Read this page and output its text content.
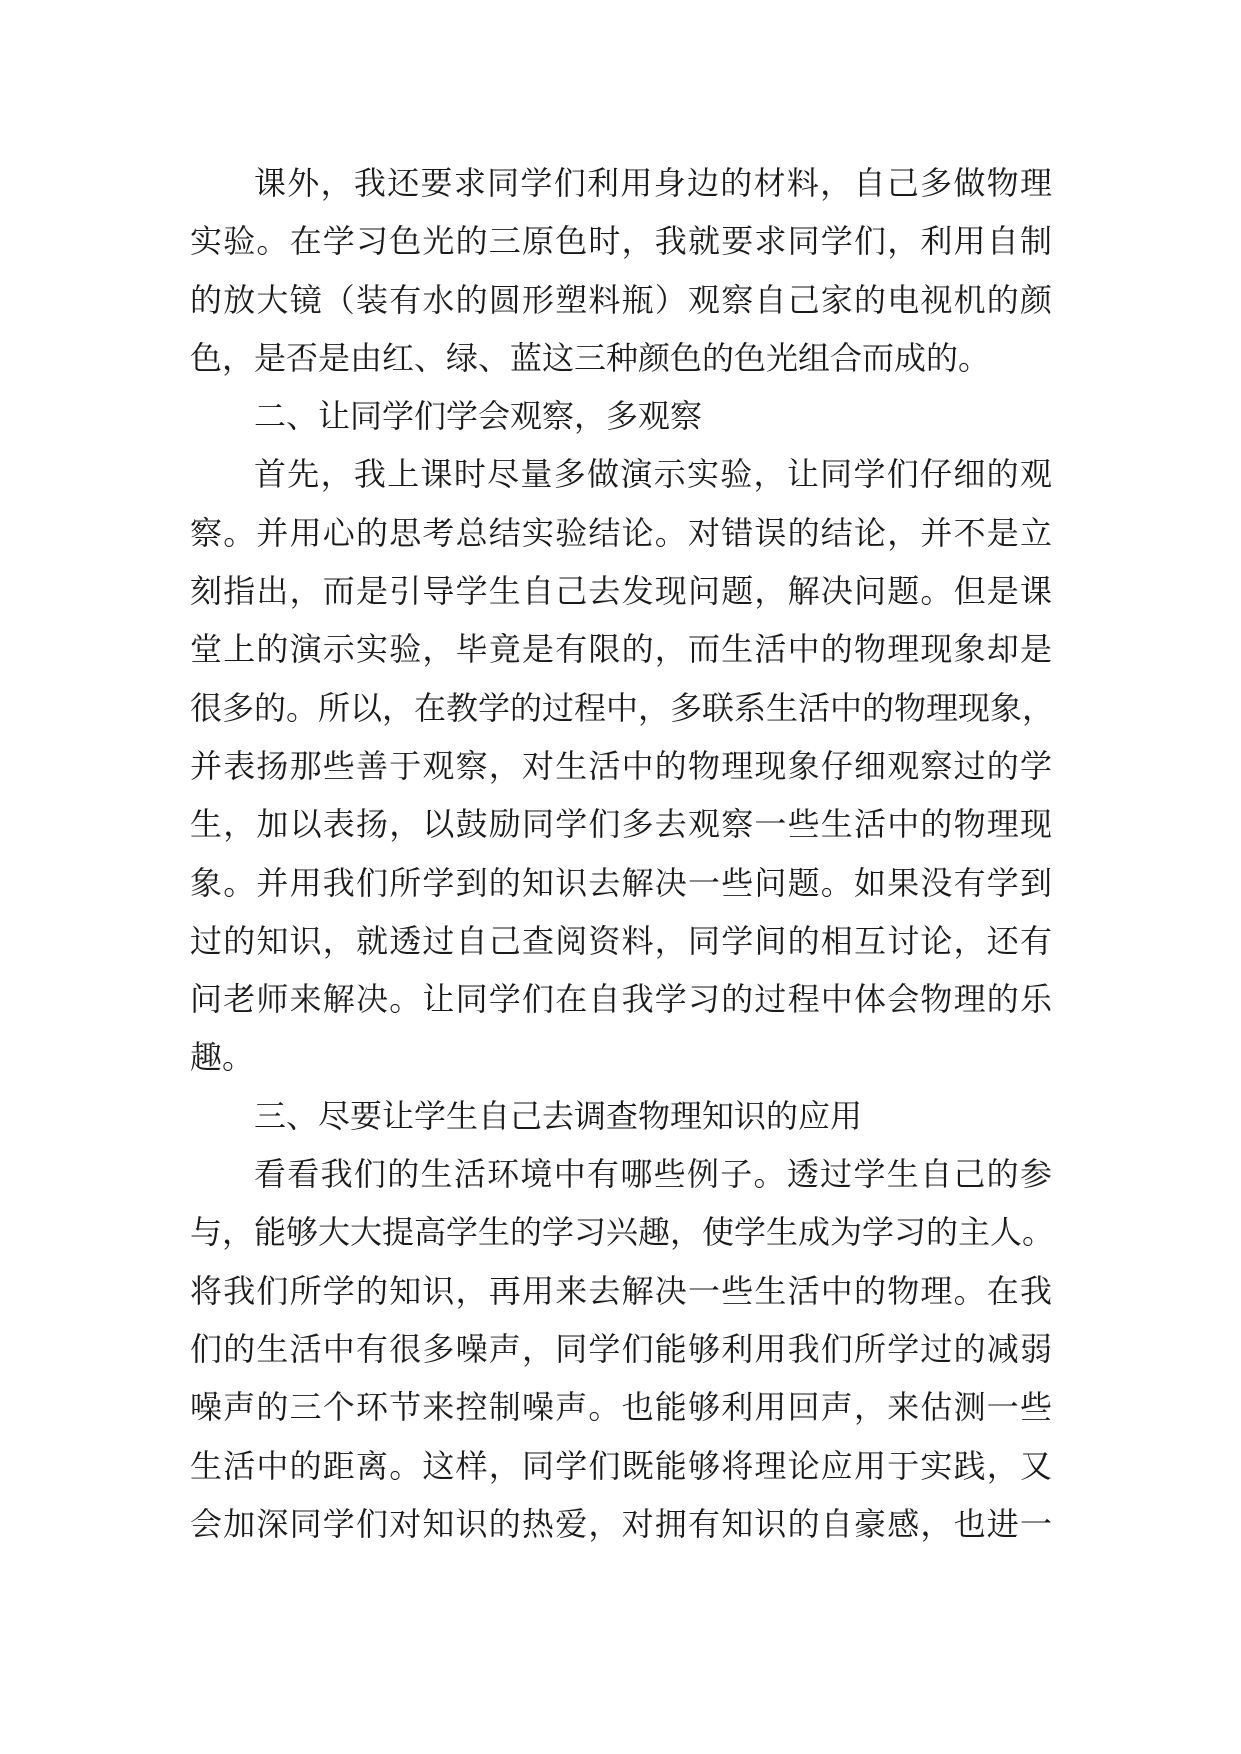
课外，我还要求同学们利用身边的材料，自己多做物理
实验。在学习色光的三原色时，我就要求同学们，利用自制
的放大镜（装有水的圆形塑料瓶）观察自己家的电视机的颜
色，是否是由红、绿、蓝这三种颜色的色光组合而成的。
二、让同学们学会观察，多观察
首先，我上课时尽量多做演示实验，让同学们仔细的观
察。并用心的思考总结实验结论。对错误的结论，并不是立
刻指出，而是引导学生自己去发现问题，解决问题。但是课
堂上的演示实验，毕竟是有限的，而生活中的物理现象却是
很多的。所以，在教学的过程中，多联系生活中的物理现象，
并表扬那些善于观察，对生活中的物理现象仔细观察过的学
生，加以表扬，以鼓励同学们多去观察一些生活中的物理现
象。并用我们所学到的知识去解决一些问题。如果没有学到
过的知识，就透过自己查阅资料，同学间的相互讨论，还有
问老师来解决。让同学们在自我学习的过程中体会物理的乐
趣。
三、尽要让学生自己去调查物理知识的应用
看看我们的生活环境中有哪些例子。透过学生自己的参
与，能够大大提高学生的学习兴趣，使学生成为学习的主人。
将我们所学的知识，再用来去解决一些生活中的物理。在我
们的生活中有很多噪声，同学们能够利用我们所学过的减弱
噪声的三个环节来控制噪声。也能够利用回声，来估测一些
生活中的距离。这样，同学们既能够将理论应用于实践，又
会加深同学们对知识的热爱，对拥有知识的自豪感，也进一
